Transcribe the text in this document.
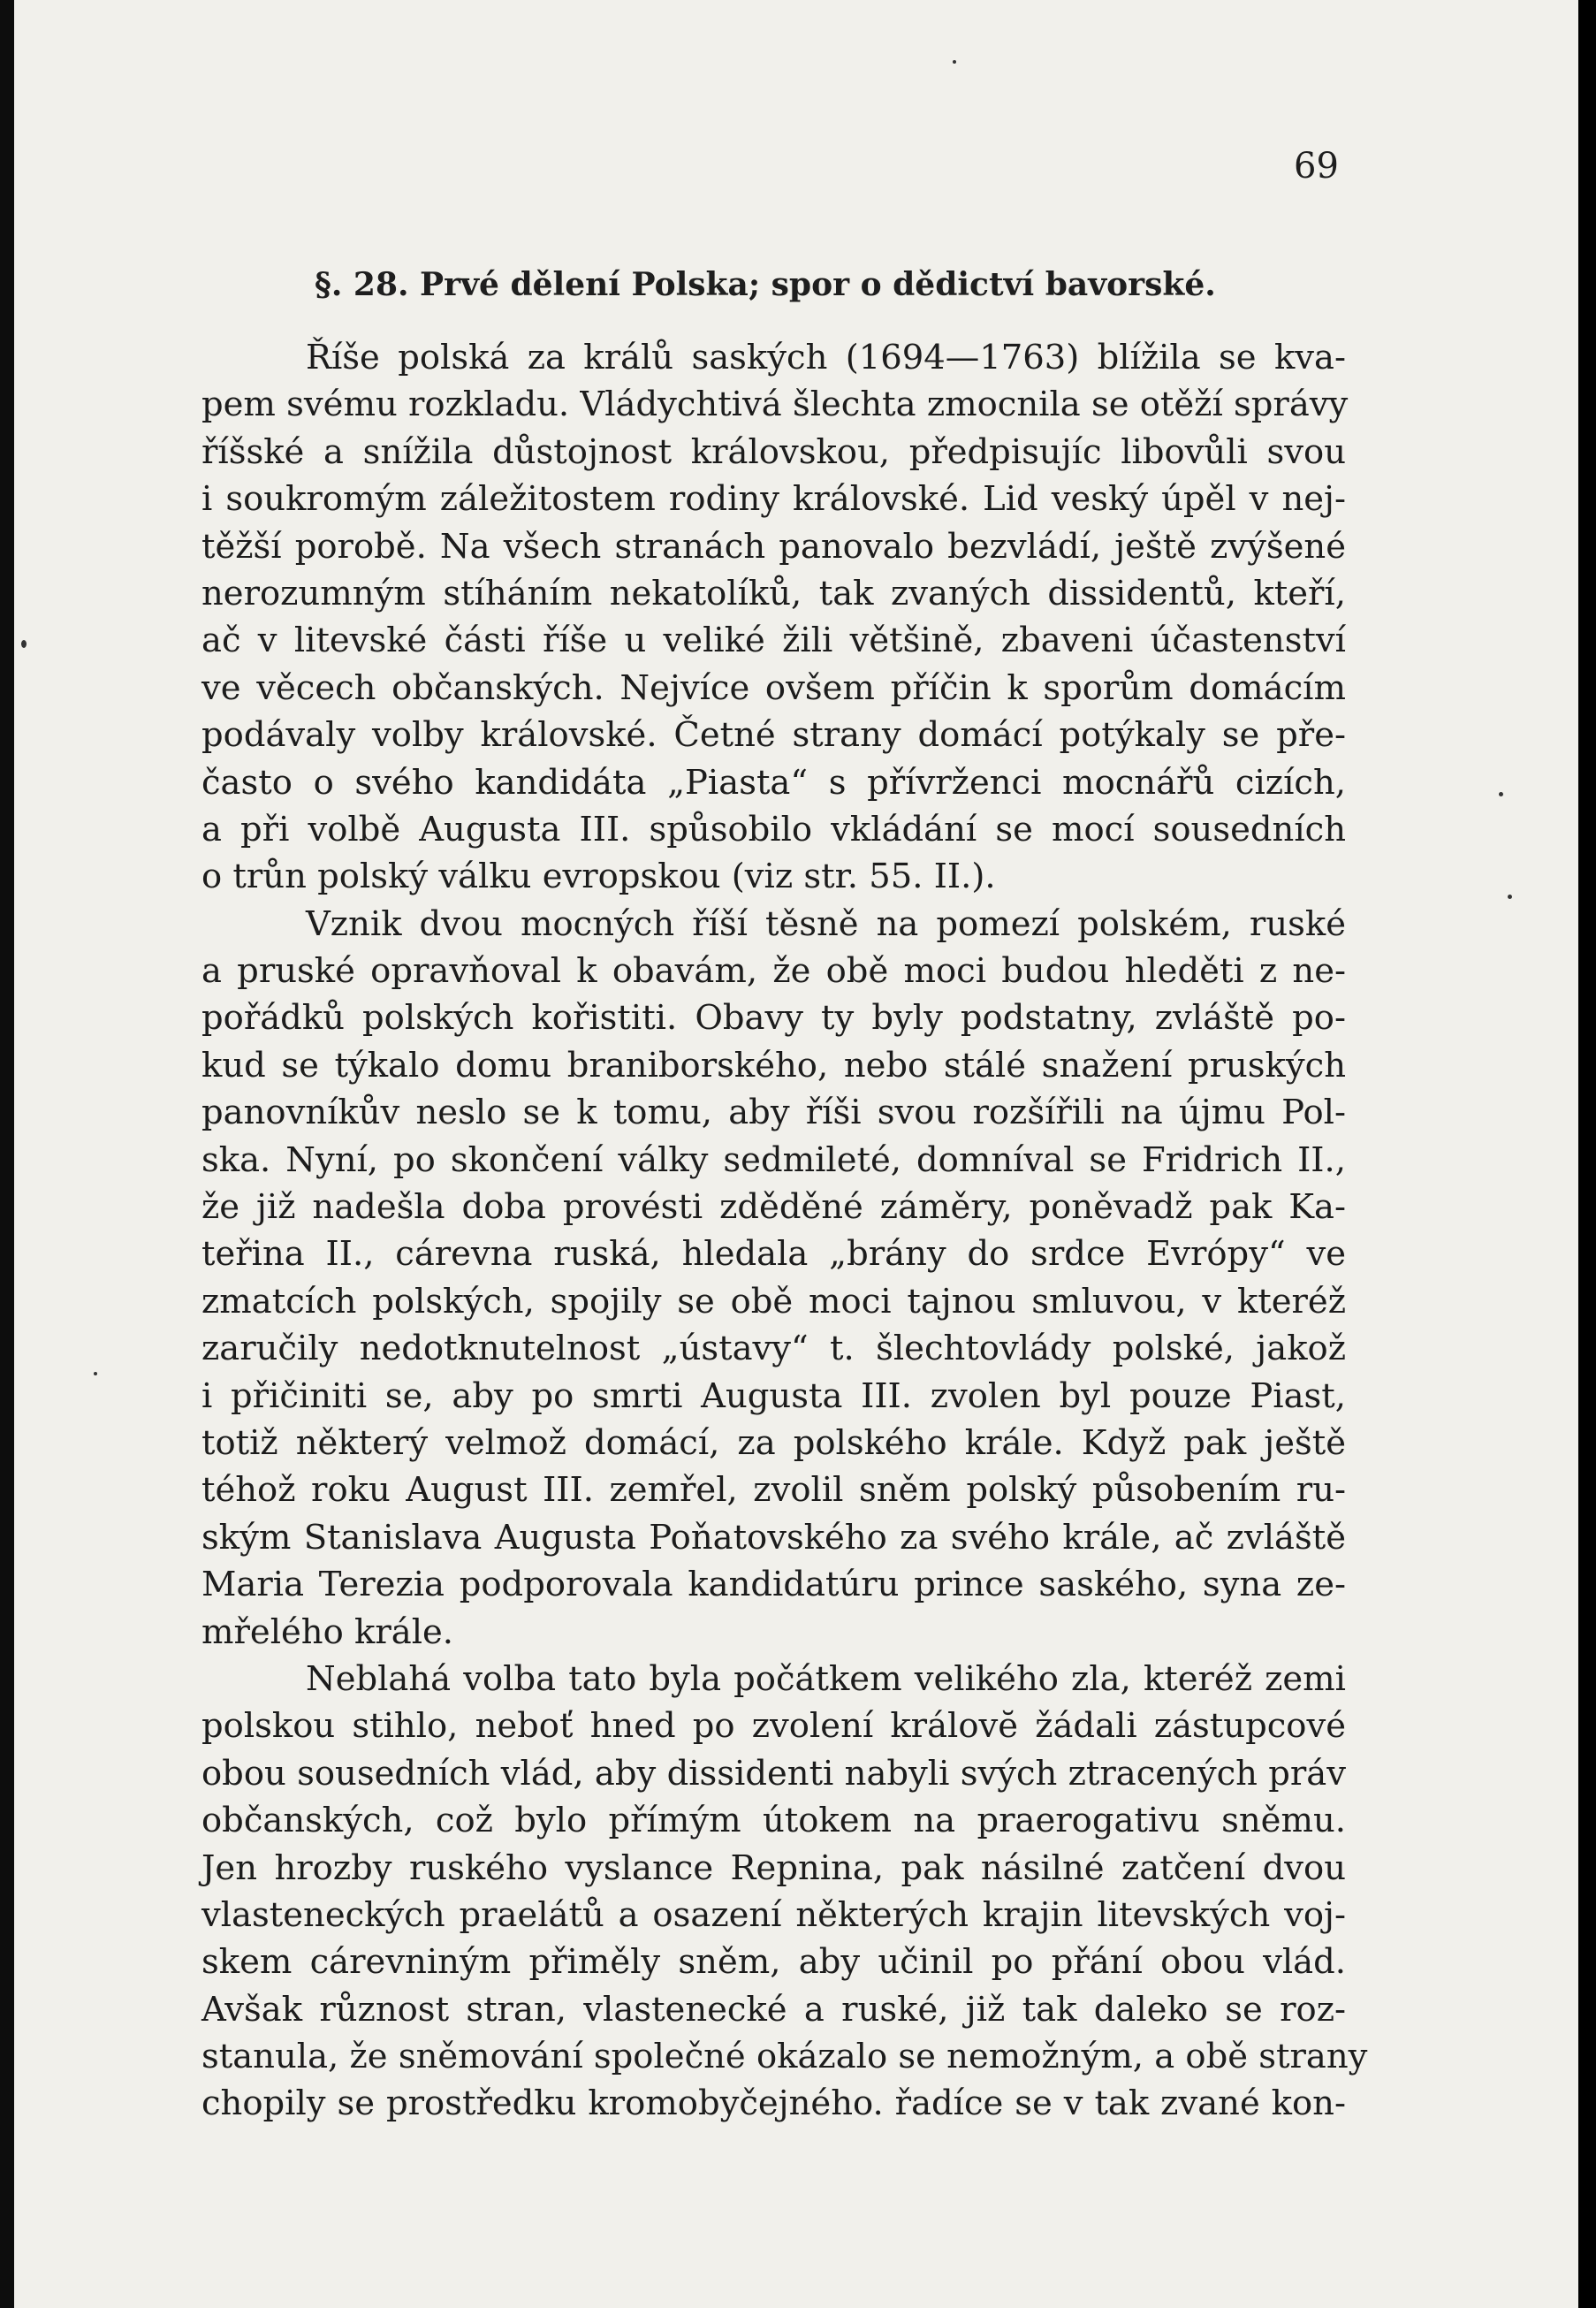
69
§. 28. Prvé dělení Polska; spor o dědictví bavorské.
Říše polská za králů saských (1694—1763) blížila se kva-
pem svému rozkladu. Vládychtivá šlechta zmocnila se otěží správy
říšské a snížila důstojnost královskou, předpisujíc libovůli svou
i soukromým záležitostem rodiny královské. Lid veský úpěl v nej-
těžší porobě. Na všech stranách panovalo bezvládí, ještě zvýšené
nerozumným stíháním nekatolíků, tak zvaných dissidentů, kteří,
ač v litevské části říše u veliké žili většině, zbaveni účastenství
ve věcech občanských. Nejvíce ovšem příčin k sporům domácím
podávaly volby královské. Četné strany domácí potýkaly se pře-
často o svého kandidáta „Piasta“ s přívrženci mocnářů cizích,
a při volbě Augusta III. spůsobilo vkládání se mocí sousedních
o trůn polský válku evropskou (viz str. 55. II.).
Vznik dvou mocných říší těsně na pomezí polském, ruské
a pruské opravňoval k obavám, že obě moci budou hleděti z ne-
pořádků polských kořistiti. Obavy ty byly podstatny, zvláště po-
kud se týkalo domu braniborského, nebo stálé snažení pruských
panovníkův neslo se k tomu, aby říši svou rozšířili na újmu Pol-
ska. Nyní, po skončení války sedmileté, domníval se Fridrich II.,
že již nadešla doba provésti zděděné záměry, poněvadž pak Ka-
teřina II., cárevna ruská, hledala „brány do srdce Evrópy“ ve
zmatcích polských, spojily se obě moci tajnou smluvou, v kteréž
zaručily nedotknutelnost „ústavy“ t. šlechtovlády polské, jakož
i přičiniti se, aby po smrti Augusta III. zvolen byl pouze Piast,
totiž některý velmož domácí, za polského krále. Když pak ještě
téhož roku August III. zemřel, zvolil sněm polský působením ru-
ským Stanislava Augusta Poňatovského za svého krále, ač zvláště
Maria Terezia podporovala kandidatúru prince saského, syna ze-
mřelého krále.
Neblahá volba tato byla počátkem velikého zla, kteréž zemi
polskou stihlo, neboť hned po zvolení královĕ žádali zástupcové
obou sousedních vlád, aby dissidenti nabyli svých ztracených práv
občanských, což bylo přímým útokem na praerogativu sněmu.
Jen hrozby ruského vyslance Repnina, pak násilné zatčení dvou
vlasteneckých praelátů a osazení některých krajin litevských voj-
skem cárevniným přiměly sněm, aby učinil po přání obou vlád.
Avšak různost stran, vlastenecké a ruské, již tak daleko se roz-
stanula, že sněmování společné okázalo se nemožným, a obě strany
chopily se prostředku kromobyčejného. řadíce se v tak zvané kon-
